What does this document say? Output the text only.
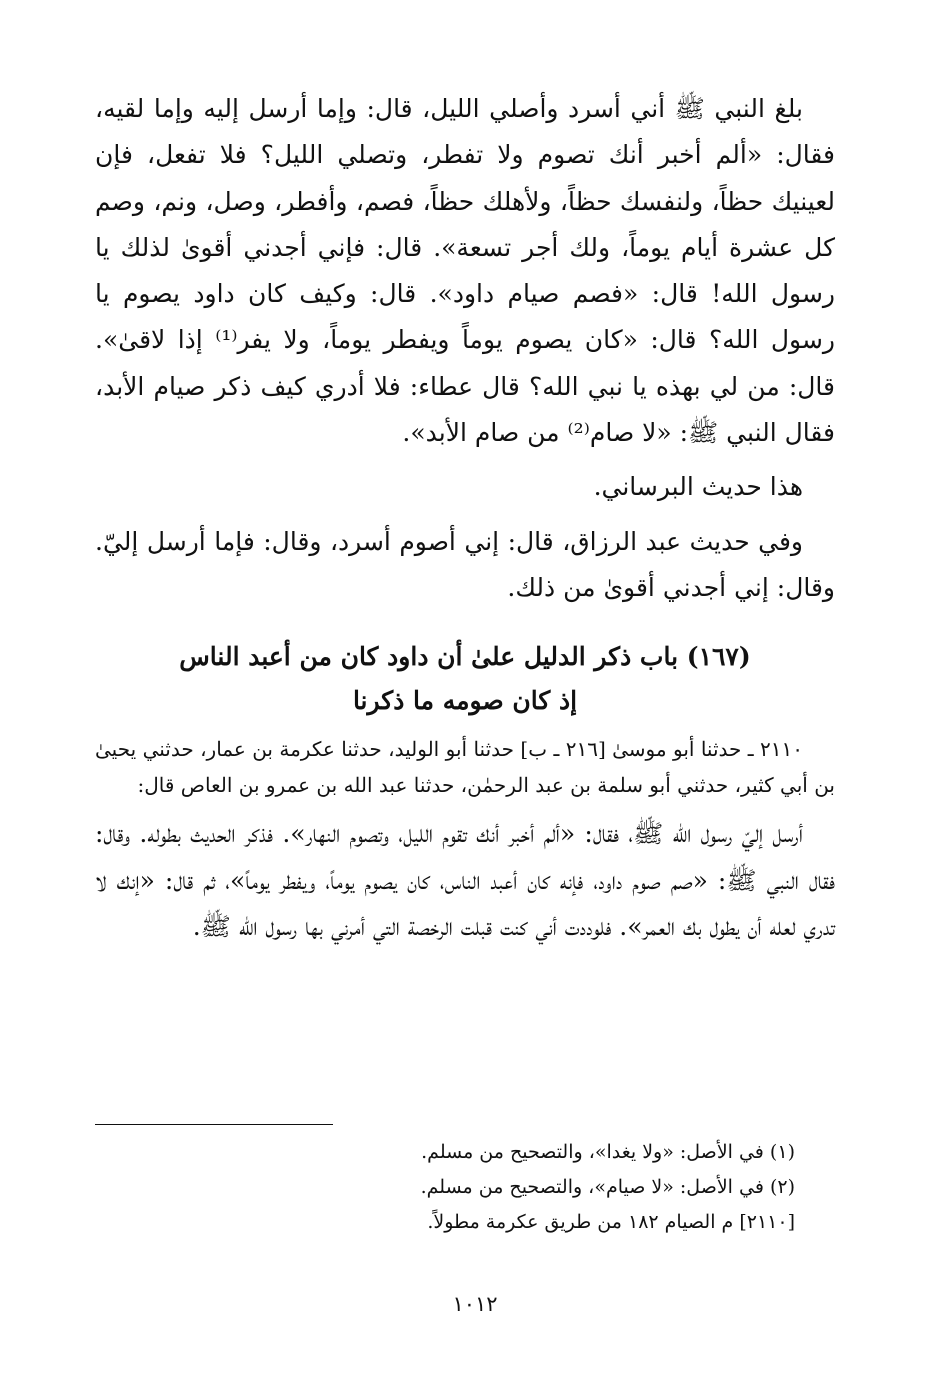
بلغ النبي ﷺ أني أسرد وأصلي الليل، قال: وإما أرسل إليه وإما لقيه، فقال: «ألم أخبر أنك تصوم ولا تفطر، وتصلي الليل؟ فلا تفعل، فإن لعينيك حظاً، ولنفسك حظاً، ولأهلك حظاً، فصم، وأفطر، وصل، ونم، وصم كل عشرة أيام يوماً، ولك أجر تسعة». قال: فإني أجدني أقوىٰ لذلك يا رسول الله! قال: «فصم صيام داود». قال: وكيف كان داود يصوم يا رسول الله؟ قال: «كان يصوم يوماً ويفطر يوماً، ولا يفر⁽¹⁾ إذا لاقىٰ». قال: من لي بهذه يا نبي الله؟ قال عطاء: فلا أدري كيف ذكر صيام الأبد، فقال النبي ﷺ: «لا صام⁽²⁾ من صام الأبد».

هذا حديث البرساني.

وفي حديث عبد الرزاق، قال: إني أصوم أسرد، وقال: فإما أرسل إليّ. وقال: إني أجدني أقوىٰ من ذلك.

(١٦٧) باب ذكر الدليل علىٰ أن داود كان من أعبد الناس

إذ كان صومه ما ذكرنا

٢١١٠ ـ حدثنا أبو موسىٰ [٢١٦ ـ ب] حدثنا أبو الوليد، حدثنا عكرمة بن عمار، حدثني يحيىٰ بن أبي كثير، حدثني أبو سلمة بن عبد الرحمٰن، حدثنا عبد الله بن عمرو بن العاص قال:

أرسل إليّ رسول الله ﷺ، فقال: «ألم أخبر أنك تقوم الليل، وتصوم النهار». فذكر الحديث بطوله. وقال: فقال النبي ﷺ: «صم صوم داود، فإنه كان أعبد الناس، كان يصوم يوماً، ويفطر يوماً»، ثم قال: «إنك لا تدري لعله أن يطول بك العمر». فلوددت أني كنت قبلت الرخصة التي أمرني بها رسول الله ﷺ.

(١) في الأصل: «ولا يغدا»، والتصحيح من مسلم.

(٢) في الأصل: «لا صيام»، والتصحيح من مسلم.

[٢١١٠] م الصيام ١٨٢ من طريق عكرمة مطولاً.

١٠١٢
